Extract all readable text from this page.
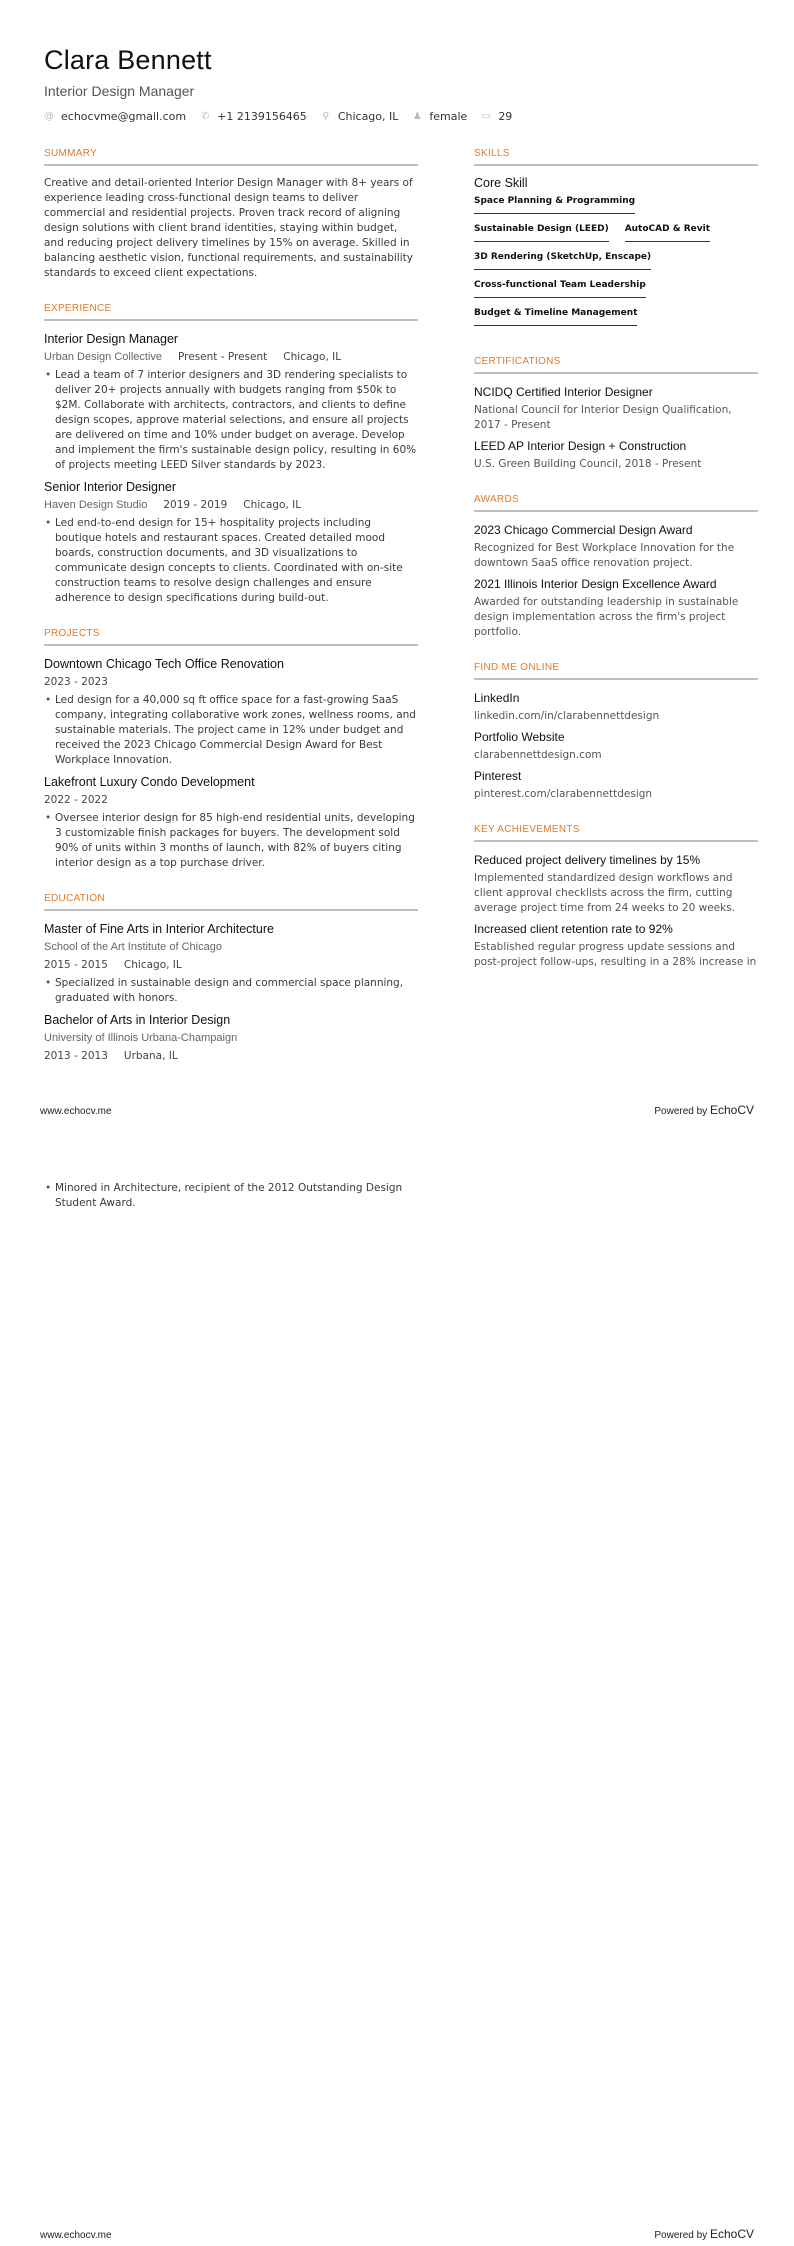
Clara Bennett
Interior Design Manager
@ echocvme@gmail.com ✆ +1 2139156465 ⚲ Chicago, IL ♟ female ▭ 29
SUMMARY
Creative and detail-oriented Interior Design Manager with 8+ years of experience leading cross-functional design teams to deliver commercial and residential projects. Proven track record of aligning design solutions with client brand identities, staying within budget, and reducing project delivery timelines by 15% on average. Skilled in balancing aesthetic vision, functional requirements, and sustainability standards to exceed client expectations.
EXPERIENCE
Interior Design Manager
Urban Design Collective Present - Present Chicago, IL
• Lead a team of 7 interior designers and 3D rendering specialists to deliver 20+ projects annually with budgets ranging from $50k to $2M. Collaborate with architects, contractors, and clients to define design scopes, approve material selections, and ensure all projects are delivered on time and 10% under budget on average. Develop and implement the firm's sustainable design policy, resulting in 60% of projects meeting LEED Silver standards by 2023.
Senior Interior Designer
Haven Design Studio 2019 - 2019 Chicago, IL
• Led end-to-end design for 15+ hospitality projects including boutique hotels and restaurant spaces. Created detailed mood boards, construction documents, and 3D visualizations to communicate design concepts to clients. Coordinated with on-site construction teams to resolve design challenges and ensure adherence to design specifications during build-out.
PROJECTS
Downtown Chicago Tech Office Renovation
2023 - 2023
• Led design for a 40,000 sq ft office space for a fast-growing SaaS company, integrating collaborative work zones, wellness rooms, and sustainable materials. The project came in 12% under budget and received the 2023 Chicago Commercial Design Award for Best Workplace Innovation.
Lakefront Luxury Condo Development
2022 - 2022
• Oversee interior design for 85 high-end residential units, developing 3 customizable finish packages for buyers. The development sold 90% of units within 3 months of launch, with 82% of buyers citing interior design as a top purchase driver.
EDUCATION
Master of Fine Arts in Interior Architecture
School of the Art Institute of Chicago
2015 - 2015 Chicago, IL
• Specialized in sustainable design and commercial space planning, graduated with honors.
Bachelor of Arts in Interior Design
University of Illinois Urbana-Champaign
2013 - 2013 Urbana, IL
SKILLS
Core Skill
Space Planning & Programming
Sustainable Design (LEED) AutoCAD & Revit
3D Rendering (SketchUp, Enscape)
Cross-functional Team Leadership
Budget & Timeline Management
CERTIFICATIONS
NCIDQ Certified Interior Designer
National Council for Interior Design Qualification, 2017 - Present
LEED AP Interior Design + Construction
U.S. Green Building Council, 2018 - Present
AWARDS
2023 Chicago Commercial Design Award
Recognized for Best Workplace Innovation for the downtown SaaS office renovation project.
2021 Illinois Interior Design Excellence Award
Awarded for outstanding leadership in sustainable design implementation across the firm's project portfolio.
FIND ME ONLINE
LinkedIn
linkedin.com/in/clarabennettdesign
Portfolio Website
clarabennettdesign.com
Pinterest
pinterest.com/clarabennettdesign
KEY ACHIEVEMENTS
Reduced project delivery timelines by 15%
Implemented standardized design workflows and client approval checklists across the firm, cutting average project time from 24 weeks to 20 weeks.
Increased client retention rate to 92%
Established regular progress update sessions and post-project follow-ups, resulting in a 28% increase in
www.echocv.me	Powered by EchoCV
• Minored in Architecture, recipient of the 2012 Outstanding Design Student Award.
www.echocv.me	Powered by EchoCV
